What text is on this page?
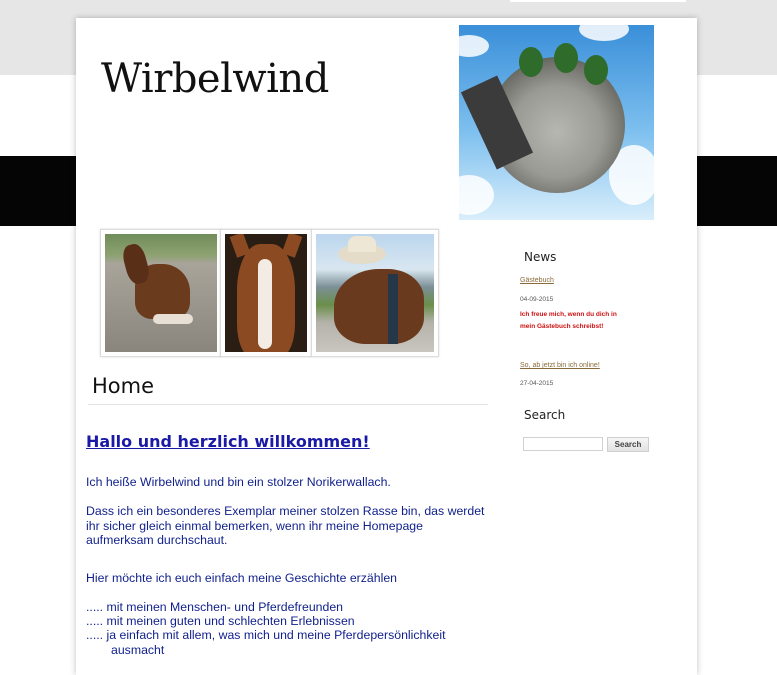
Wirbelwind
Home
Hallo und herzlich willkommen!

Ich heiße Wirbelwind und bin ein stolzer Norikerwallach.

Dass ich ein besonderes Exemplar meiner stolzen Rasse bin, das werdet ihr sicher gleich einmal bemerken, wenn ihr meine Homepage aufmerksam durchschaut.

Hier möchte ich euch einfach meine Geschichte erzählen

..... mit meinen Menschen- und Pferdefreunden

..... mit meinen guten und schlechten Erlebnissen

..... ja einfach mit allem, was mich und meine Pferdepersönlichkeit

ausmacht

News
Gästebuch
04-09-2015
Ich freue mich, wenn du dich in mein Gästebuch schreibst!
So, ab jetzt bin ich online!
27-04-2015
Search
Search
